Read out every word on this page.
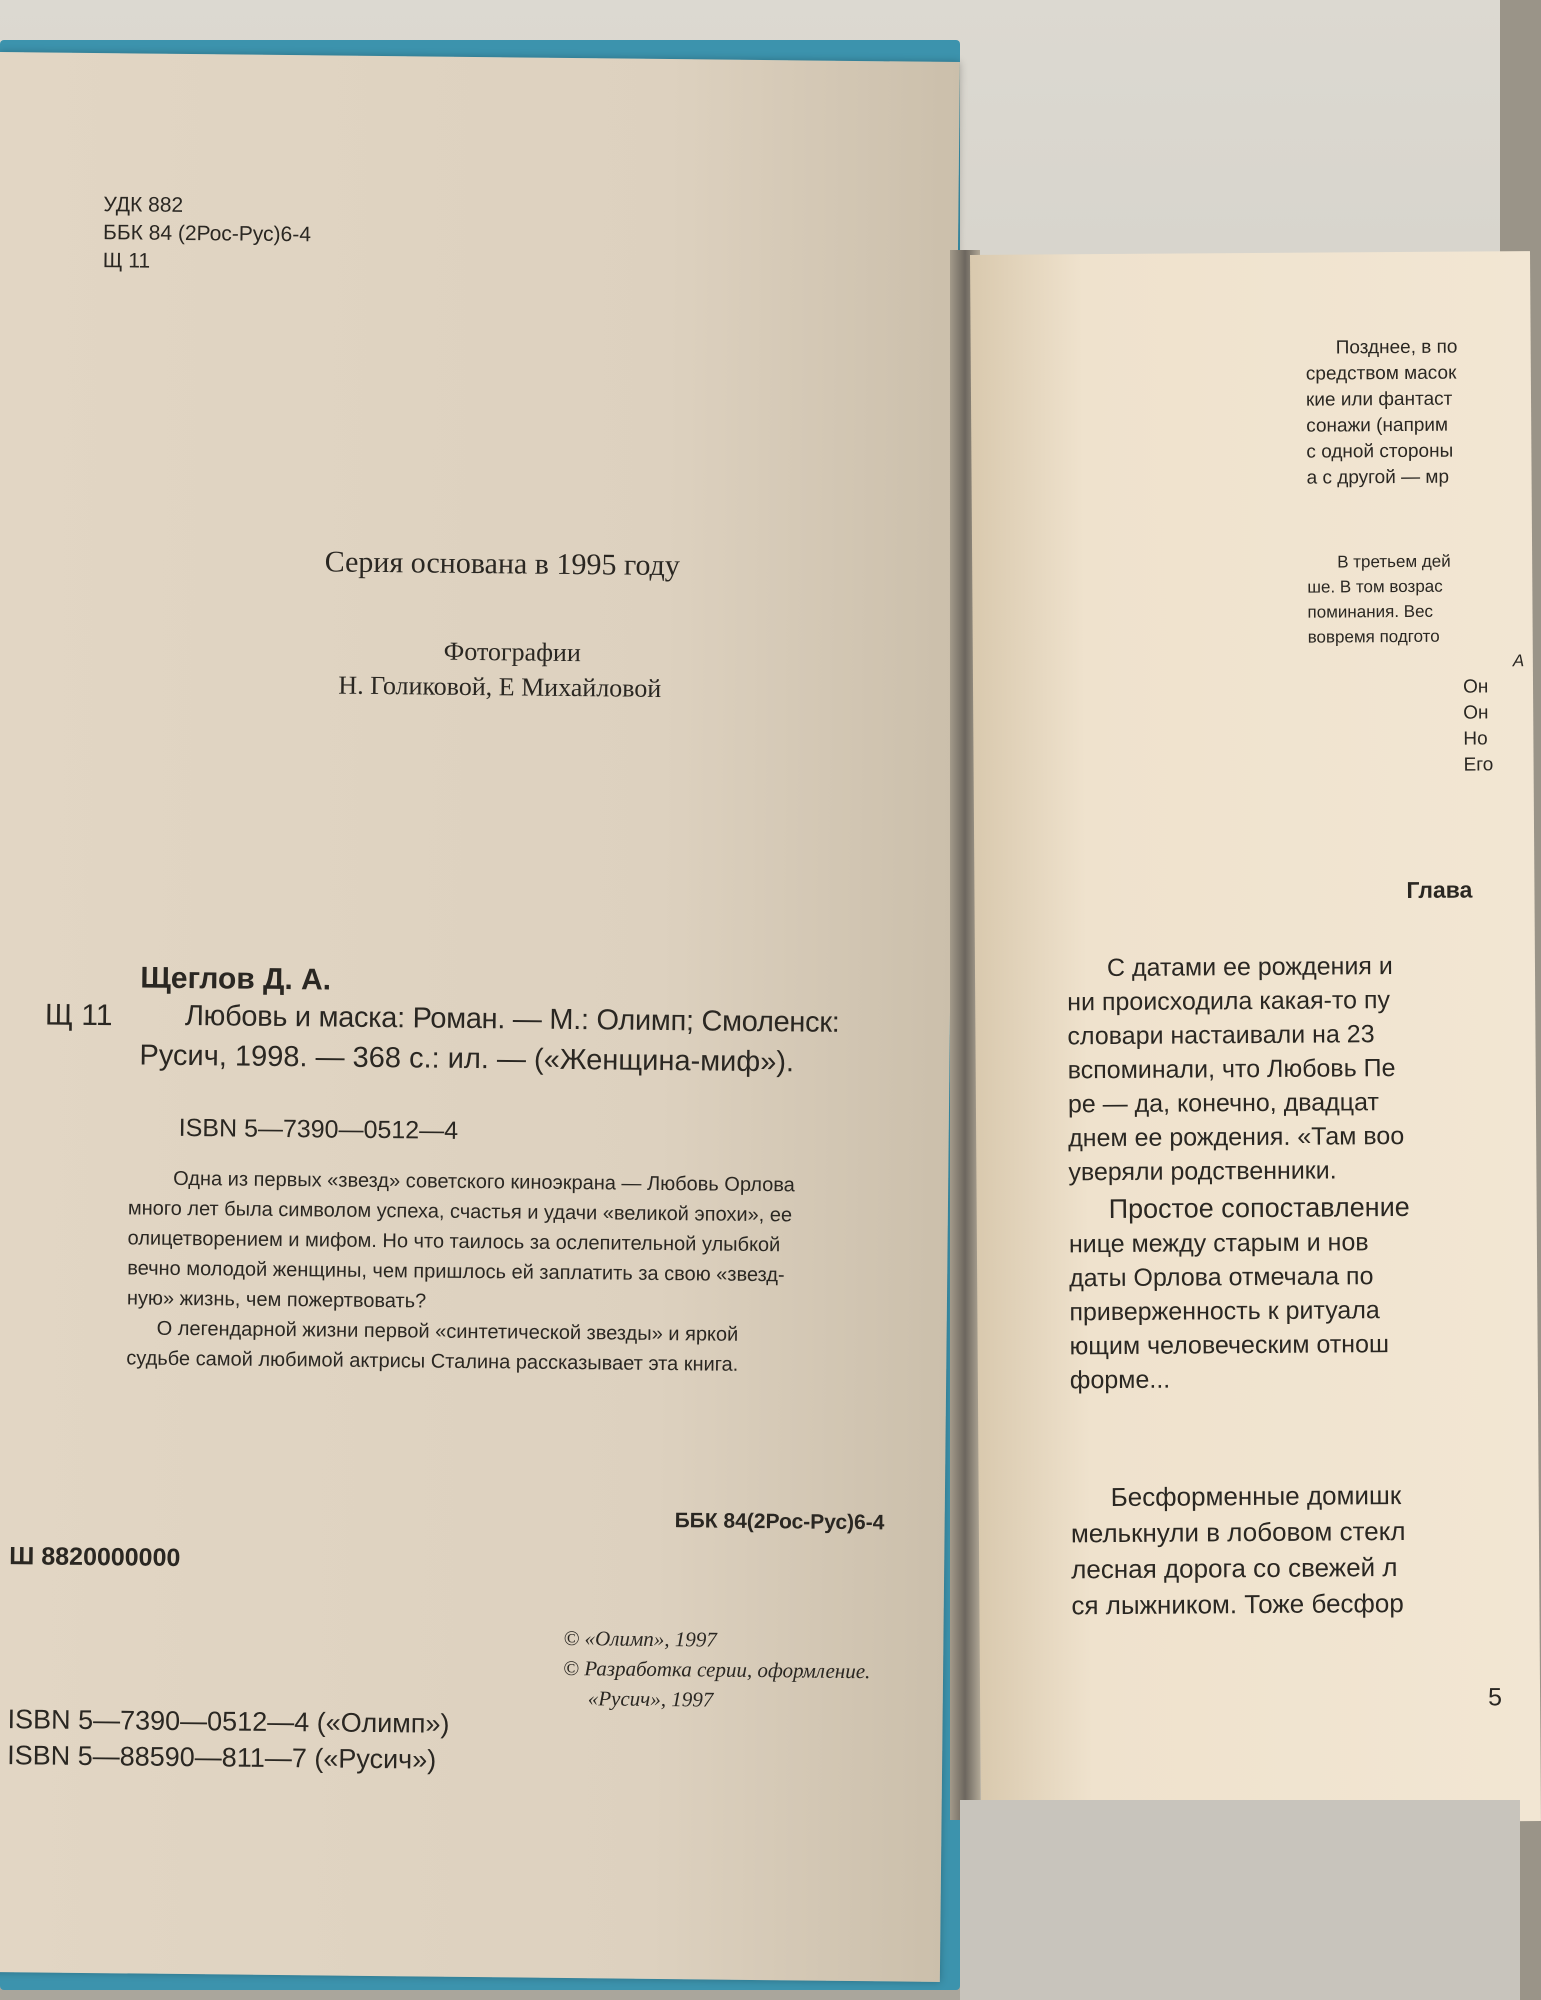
УДК 882
ББК 84 (2Рос-Рус)6-4
Щ 11
Серия основана в 1995 году
Фотографии
Н. Голиковой, Е Михайловой
Щеглов Д. А.
Щ 11 Любовь и маска: Роман. — М.: Олимп; Смоленск:
Русич, 1998. — 368 с.: ил. — («Женщина-миф»).
ISBN 5—7390—0512—4
Одна из первых «звезд» советского киноэкрана — Любовь Орлова
много лет была символом успеха, счастья и удачи «великой эпохи», ее
олицетворением и мифом. Но что таилось за ослепительной улыбкой
вечно молодой женщины, чем пришлось ей заплатить за свою «звезд-
ную» жизнь, чем пожертвовать?
О легендарной жизни первой «синтетической звезды» и яркой
судьбе самой любимой актрисы Сталина рассказывает эта книга.
ББК 84(2Рос-Рус)6-4
Ш 8820000000
© «Олимп», 1997
© Разработка серии, оформление.
«Русич», 1997
ISBN 5—7390—0512—4 («Олимп»)
ISBN 5—88590—811—7 («Русич»)
Позднее, в по
средством масок
кие или фантаст
сонажи (наприм
с одной стороны
а с другой — мр
В третьем дей
ше. В том возрас
поминания. Вес
вовремя подгото
А
Он
Он
Но
Его
Глава
С датами ее рождения и
ни происходила какая-то пу
словари настаивали на 23
вспоминали, что Любовь Пе
ре — да, конечно, двадцат
днем ее рождения. «Там воо
уверяли родственники.
Простое сопоставление
нице между старым и нов
даты Орлова отмечала по
приверженность к ритуала
ющим человеческим отнош
форме...
Бесформенные домишк
мелькнули в лобовом стекл
лесная дорога со свежей л
ся лыжником. Тоже бесфор
5
